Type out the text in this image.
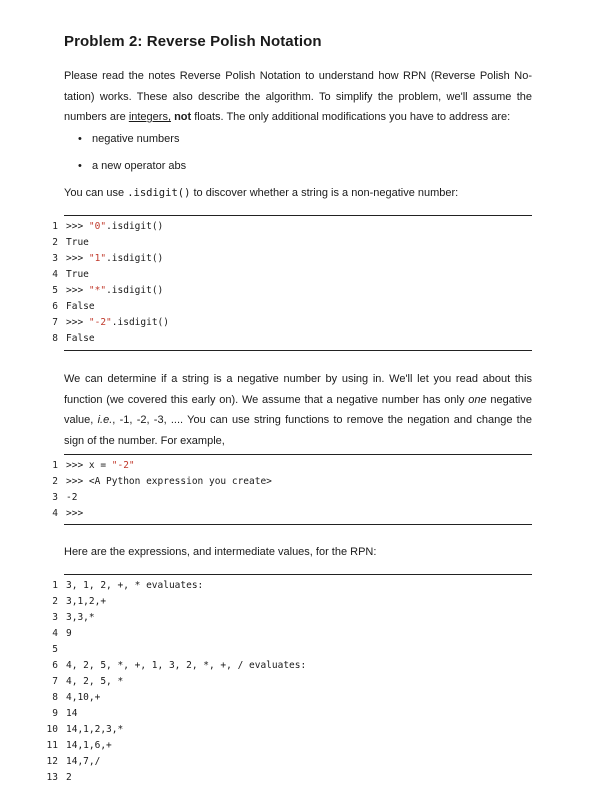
Problem 2: Reverse Polish Notation

Please read the notes Reverse Polish Notation to understand how RPN (Reverse Polish No-tation) works. These also describe the algorithm. To simplify the problem, we'll assume the numbers are integers, not floats. The only additional modifications you have to address are:

• negative numbers
• a new operator abs

You can use .isdigit() to discover whether a string is a non-negative number:

1 >>> "0".isdigit()
2 True
3 >>> "1".isdigit()
4 True
5 >>> "*".isdigit()
6 False
7 >>> "-2".isdigit()
8 False

We can determine if a string is a negative number by using in. We'll let you read about this function (we covered this early on). We assume that a negative number has only one negative value, i.e., -1, -2, -3, .... You can use string functions to remove the negation and change the sign of the number. For example,

1 >>> x = "-2"
2 >>> <A Python expression you create>
3 -2
4 >>>

Here are the expressions, and intermediate values, for the RPN:

1 3, 1, 2, +, * evaluates:
2 3,1,2,+
3 3,3,*
4 9
5
6 4, 2, 5, *, +, 1, 3, 2, *, +, / evaluates:
7 4, 2, 5, *
8 4,10,+
9 14
10 14,1,2,3,*
11 14,1,6,+
12 14,7,/
13 2
